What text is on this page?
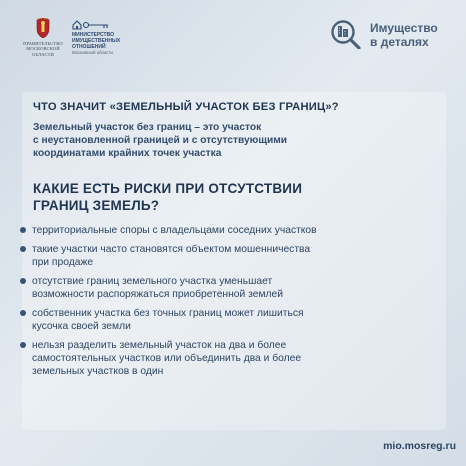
ПРАВИТЕЛЬСТВО
МОСКОВСКОЙ
ОБЛАСТИ
МИНИСТЕРСТВО
ИМУЩЕСТВЕННЫХ
ОТНОШЕНИЙ
Московской области
Имущество
в деталях
ЧТО ЗНАЧИТ «ЗЕМЕЛЬНЫЙ УЧАСТОК БЕЗ ГРАНИЦ»?
Земельный участок без границ – это участок
с неустановленной границей и с отсутствующими
координатами крайних точек участка
КАКИЕ ЕСТЬ РИСКИ ПРИ ОТСУТСТВИИ
ГРАНИЦ ЗЕМЕЛЬ?
территориальные споры с владельцами соседних участков
такие участки часто становятся объектом мошенничества
при продаже
отсутствие границ земельного участка уменьшает
возможности распоряжаться приобретенной землей
собственник участка без точных границ может лишиться
кусочка своей земли
нельзя разделить земельный участок на два и более
самостоятельных участков или объединить два и более
земельных участков в один
mio.mosreg.ru
